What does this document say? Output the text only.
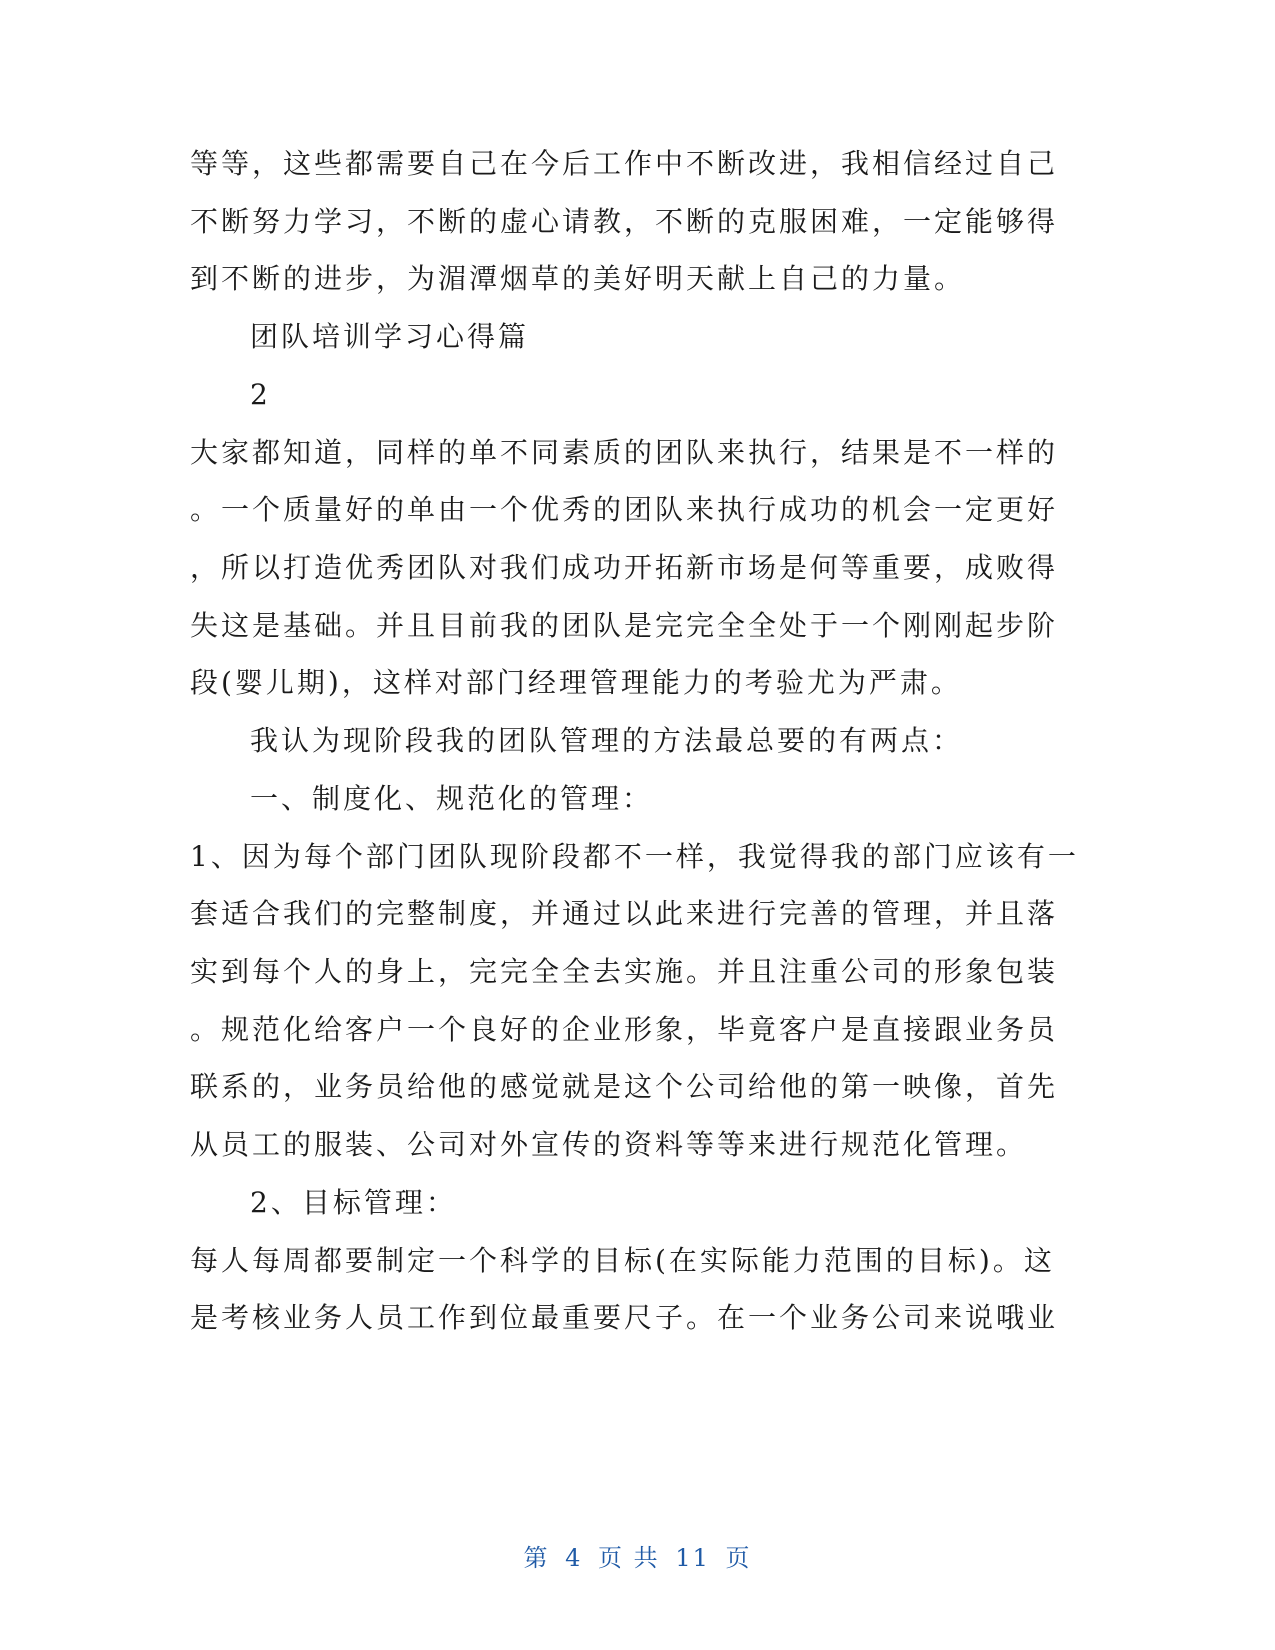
等等，这些都需要自己在今后工作中不断改进，我相信经过自己
不断努力学习，不断的虚心请教，不断的克服困难，一定能够得
到不断的进步，为湄潭烟草的美好明天献上自己的力量。
团队培训学习心得篇
2
大家都知道，同样的单不同素质的团队来执行，结果是不一样的
。一个质量好的单由一个优秀的团队来执行成功的机会一定更好
，所以打造优秀团队对我们成功开拓新市场是何等重要，成败得
失这是基础。并且目前我的团队是完完全全处于一个刚刚起步阶
段(婴儿期)，这样对部门经理管理能力的考验尤为严肃。
我认为现阶段我的团队管理的方法最总要的有两点：
一、制度化、规范化的管理：
1、因为每个部门团队现阶段都不一样，我觉得我的部门应该有一
套适合我们的完整制度，并通过以此来进行完善的管理，并且落
实到每个人的身上，完完全全去实施。并且注重公司的形象包装
。规范化给客户一个良好的企业形象，毕竟客户是直接跟业务员
联系的，业务员给他的感觉就是这个公司给他的第一映像，首先
从员工的服装、公司对外宣传的资料等等来进行规范化管理。
2、目标管理：
每人每周都要制定一个科学的目标(在实际能力范围的目标)。这
是考核业务人员工作到位最重要尺子。在一个业务公司来说哦业
第 4 页 共 11 页
